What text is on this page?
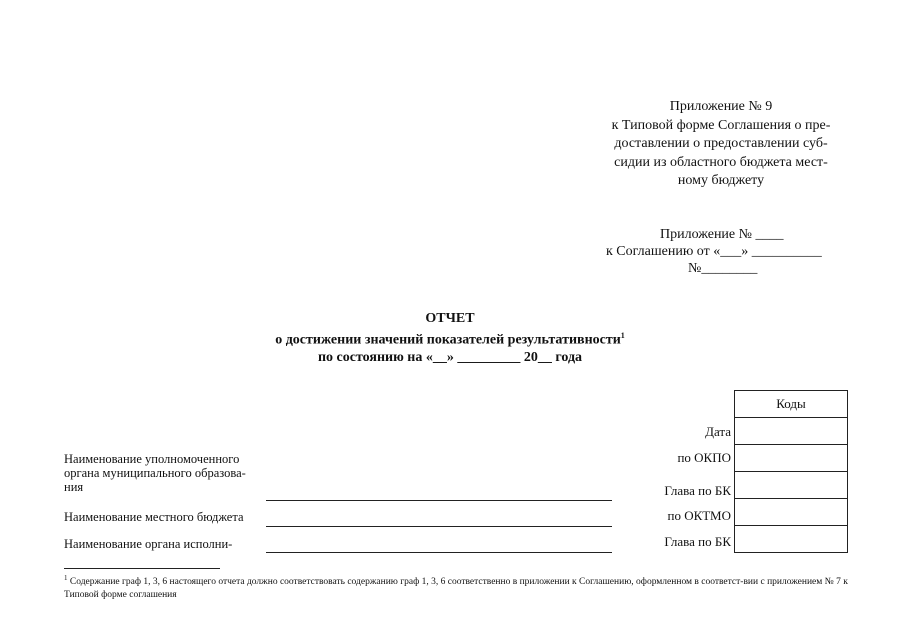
Приложение № 9
к Типовой форме Соглашения о пре-
доставлении о предоставлении суб-
сидии из областного бюджета мест-
ному бюджету
Приложение № ____
к Соглашению от «___» __________
№________
ОТЧЕТ
о достижении значений показателей результативности$^1$
по состоянию на «__» _________ 20__ года
Коды
Дата
по ОКПО
Глава по БК
по ОКТМО
Глава по БК
Наименование уполномоченного
органа муниципального образова-
ния
Наименование местного бюджета
Наименование органа исполни-
$^1$ Содержание граф 1, 3, 6 настоящего отчета должно соответствовать содержанию граф 1, 3, 6 соответственно в приложении к Соглашению, оформленном в соответст-вии с приложением № 7 к Типовой форме соглашения
